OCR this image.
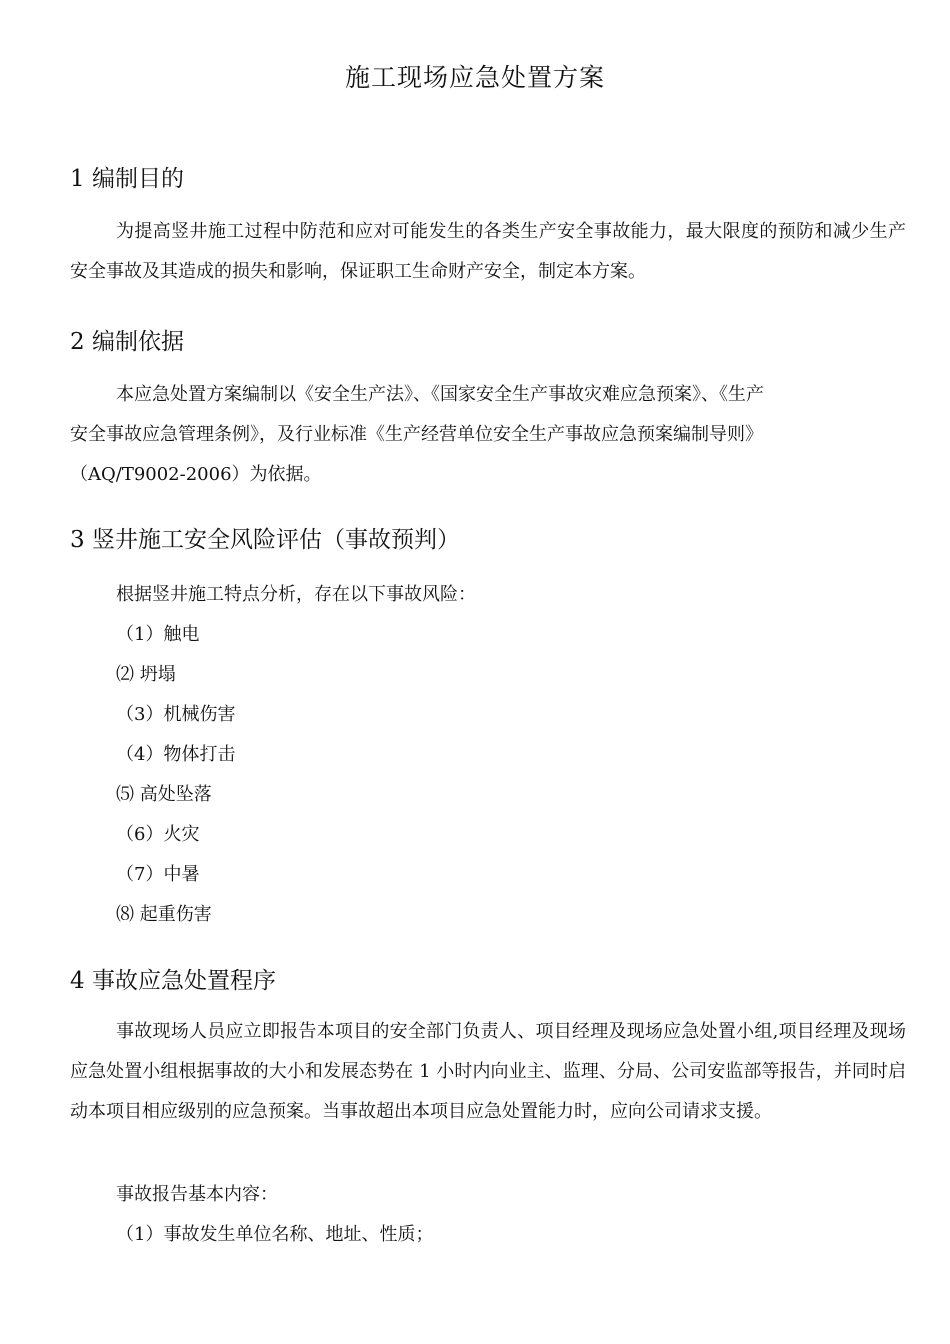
施工现场应急处置方案
1 编制目的

为提高竖井施工过程中防范和应对可能发生的各类生产安全事故能力，最大限度的预防和减少生产安全事故及其造成的损失和影响，保证职工生命财产安全，制定本方案。

2 编制依据
本应急处置方案编制以《安全生产法》、《国家安全生产事故灾难应急预案》、《生产
安全事故应急管理条例》，及行业标准《生产经营单位安全生产事故应急预案编制导则》
（AQ/T9002-2006）为依据。
3 竖井施工安全风险评估（事故预判）
根据竖井施工特点分析，存在以下事故风险：
（1）触电
⑵ 坍塌
（3）机械伤害
（4）物体打击
⑸ 高处坠落
（6）火灾
（7）中暑
⑻ 起重伤害
4 事故应急处置程序

事故现场人员应立即报告本项目的安全部门负责人、项目经理及现场应急处置小组,项目经理及现场应急处置小组根据事故的大小和发展态势在 1 小时内向业主、监理、分局、公司安监部等报告，并同时启动本项目相应级别的应急预案。当事故超出本项目应急处置能力时，应向公司请求支援。

事故报告基本内容：
（1）事故发生单位名称、地址、性质；
